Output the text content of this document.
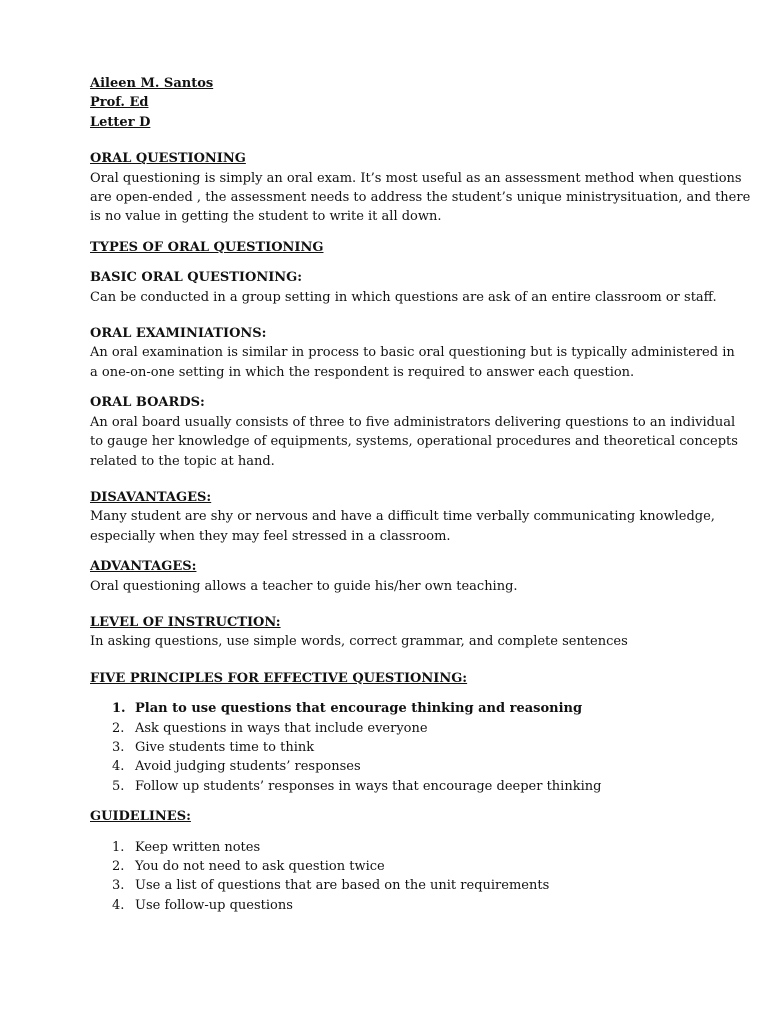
Aileen M. Santos
Prof. Ed
Letter D
ORAL QUESTIONING
Oral questioning is simply an oral exam. It’s most useful as an assessment method when questions
are open-ended , the assessment needs to address the student’s unique ministrysituation, and there
is no value in getting the student to write it all down.
TYPES OF ORAL QUESTIONING
BASIC ORAL QUESTIONING:
Can be conducted in a group setting in which questions are ask of an entire classroom or staff.
ORAL EXAMINIATIONS:
An oral examination is similar in process to basic oral questioning but is typically administered in
a one-on-one setting in which the respondent is required to answer each question.
ORAL BOARDS:
An oral board usually consists of three to five administrators delivering questions to an individual
to gauge her knowledge of equipments, systems, operational procedures and theoretical concepts
related to the topic at hand.
DISAVANTAGES:
Many student are shy or nervous and have a difficult time verbally communicating knowledge,
especially when they may feel stressed in a classroom.
ADVANTAGES:
Oral questioning allows a teacher to guide his/her own teaching.
LEVEL OF INSTRUCTION:
In asking questions, use simple words, correct grammar, and complete sentences
FIVE PRINCIPLES FOR EFFECTIVE QUESTIONING:
1. Plan to use questions that encourage thinking and reasoning
2. Ask questions in ways that include everyone
3. Give students time to think
4. Avoid judging students’ responses
5. Follow up students’ responses in ways that encourage deeper thinking
GUIDELINES:
1. Keep written notes
2. You do not need to ask question twice
3. Use a list of questions that are based on the unit requirements
4. Use follow-up questions
